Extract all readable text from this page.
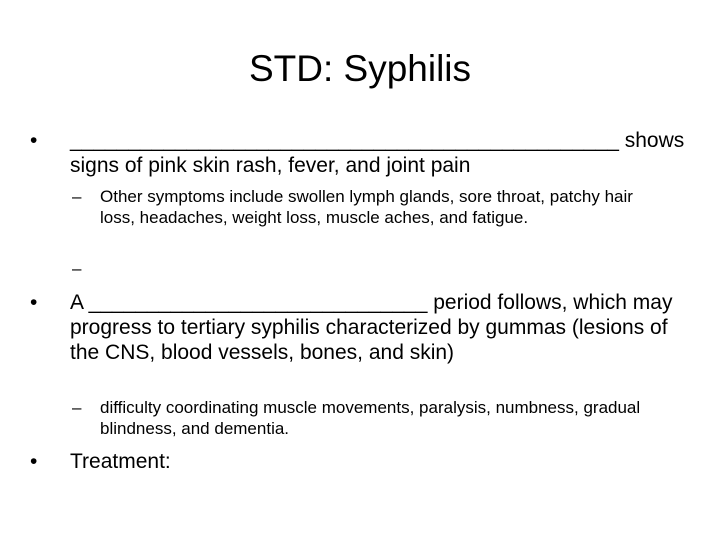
STD: Syphilis
•	_______________________________________________ shows signs of pink skin rash, fever, and joint pain
–	Other symptoms include swollen lymph glands, sore throat, patchy hair loss, headaches, weight loss, muscle aches, and fatigue.
–
•	A _____________________________ period follows, which may progress to tertiary syphilis characterized by gummas (lesions of the CNS, blood vessels, bones, and skin)
–	difficulty coordinating muscle movements, paralysis, numbness, gradual blindness, and dementia.
•	Treatment:
